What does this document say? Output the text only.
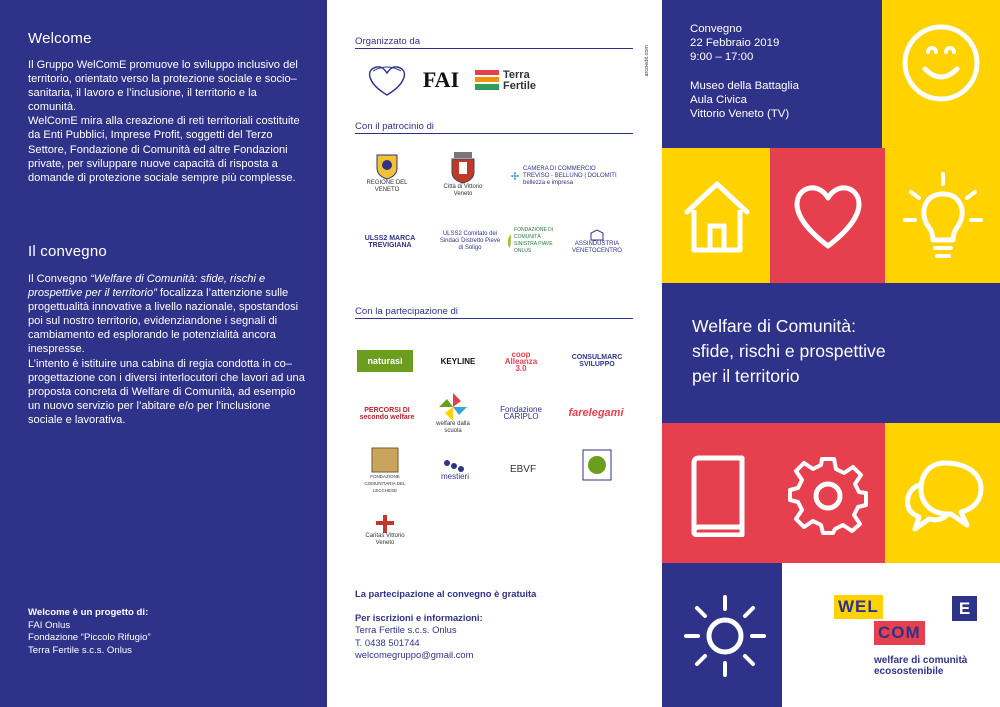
Welcome

Il Gruppo WelComE promuove lo sviluppo inclusivo del territorio, orientato verso la protezione sociale e socio–sanitaria, il lavoro e l’inclusione, il territorio e la comunità.

WelComE mira alla creazione di reti territoriali costituite da Enti Pubblici, Imprese Profit, soggetti del Terzo Settore, Fondazione di Comunità ed altre Fondazioni private, per sviluppare nuove capacità di risposta a domande di protezione sociale sempre più complesse.

Il convegno

Il Convegno “Welfare di Comunità: sfide, rischi e prospettive per il territorio” focalizza l’attenzione sulle progettualità innovative a livello nazionale, spostandosi poi sul nostro territorio, evidenziandone i segnali di cambiamento ed esplorando le potenzialità ancora inespresse.

L’intento è istituire una cabina di regia condotta in co–progettazione con i diversi interlocutori che lavori ad una proposta concreta di Welfare di Comunità, ad esempio un nuovo servizio per l’abitare e/o per l’inclusione sociale e lavorativa.

Welcome è un progetto di:
FAI Onlus
Fondazione “Piccolo Rifugio”
Terra Fertile s.c.s. Onlus
arcoedit.com
Organizzato da
FAI	Terra Fertile
Con il patrocinio di
REGIONE DEL VENETO	Città di Vittorio Veneto
CAMERA DI COMMERCIO TREVISO - BELLUNO | DOLOMITI bellezza e impresa
ULSS2 MARCA TREVIGIANA
ULSS2 Comitato dei Sindaci Distretto Pieve di Soligo
FONDAZIONE DI COMUNITÀ SINISTRA PIAVE ONLUS
ASSINDUSTRIA VENETOCENTRO
Con la partecipazione di
naturasì	KEYLINE
coop Alleanza 3.0
CONSULMARC SVILUPPO
PERCORSI DI secondo welfare
welfare dalla scuola
Fondazione CARIPLO	farelegami
FONDAZIONE COMUNITARIA DEL LECCHESE
mestieri
EBVF
Caritas Vittorio Veneto
La partecipazione al convegno è gratuita
Per iscrizioni e informazioni:
Terra Fertile s.c.s. Onlus
T. 0438 501744
welcomegruppo@gmail.com
Convegno
22 Febbraio 2019
9:00 – 17:00
Museo della Battaglia
Aula Civica
Vittorio Veneto (TV)
Welfare di Comunità:
sfide, rischi e prospettive
per il territorio
WEL	E
COM
welfare di comunità
ecosostenibile
